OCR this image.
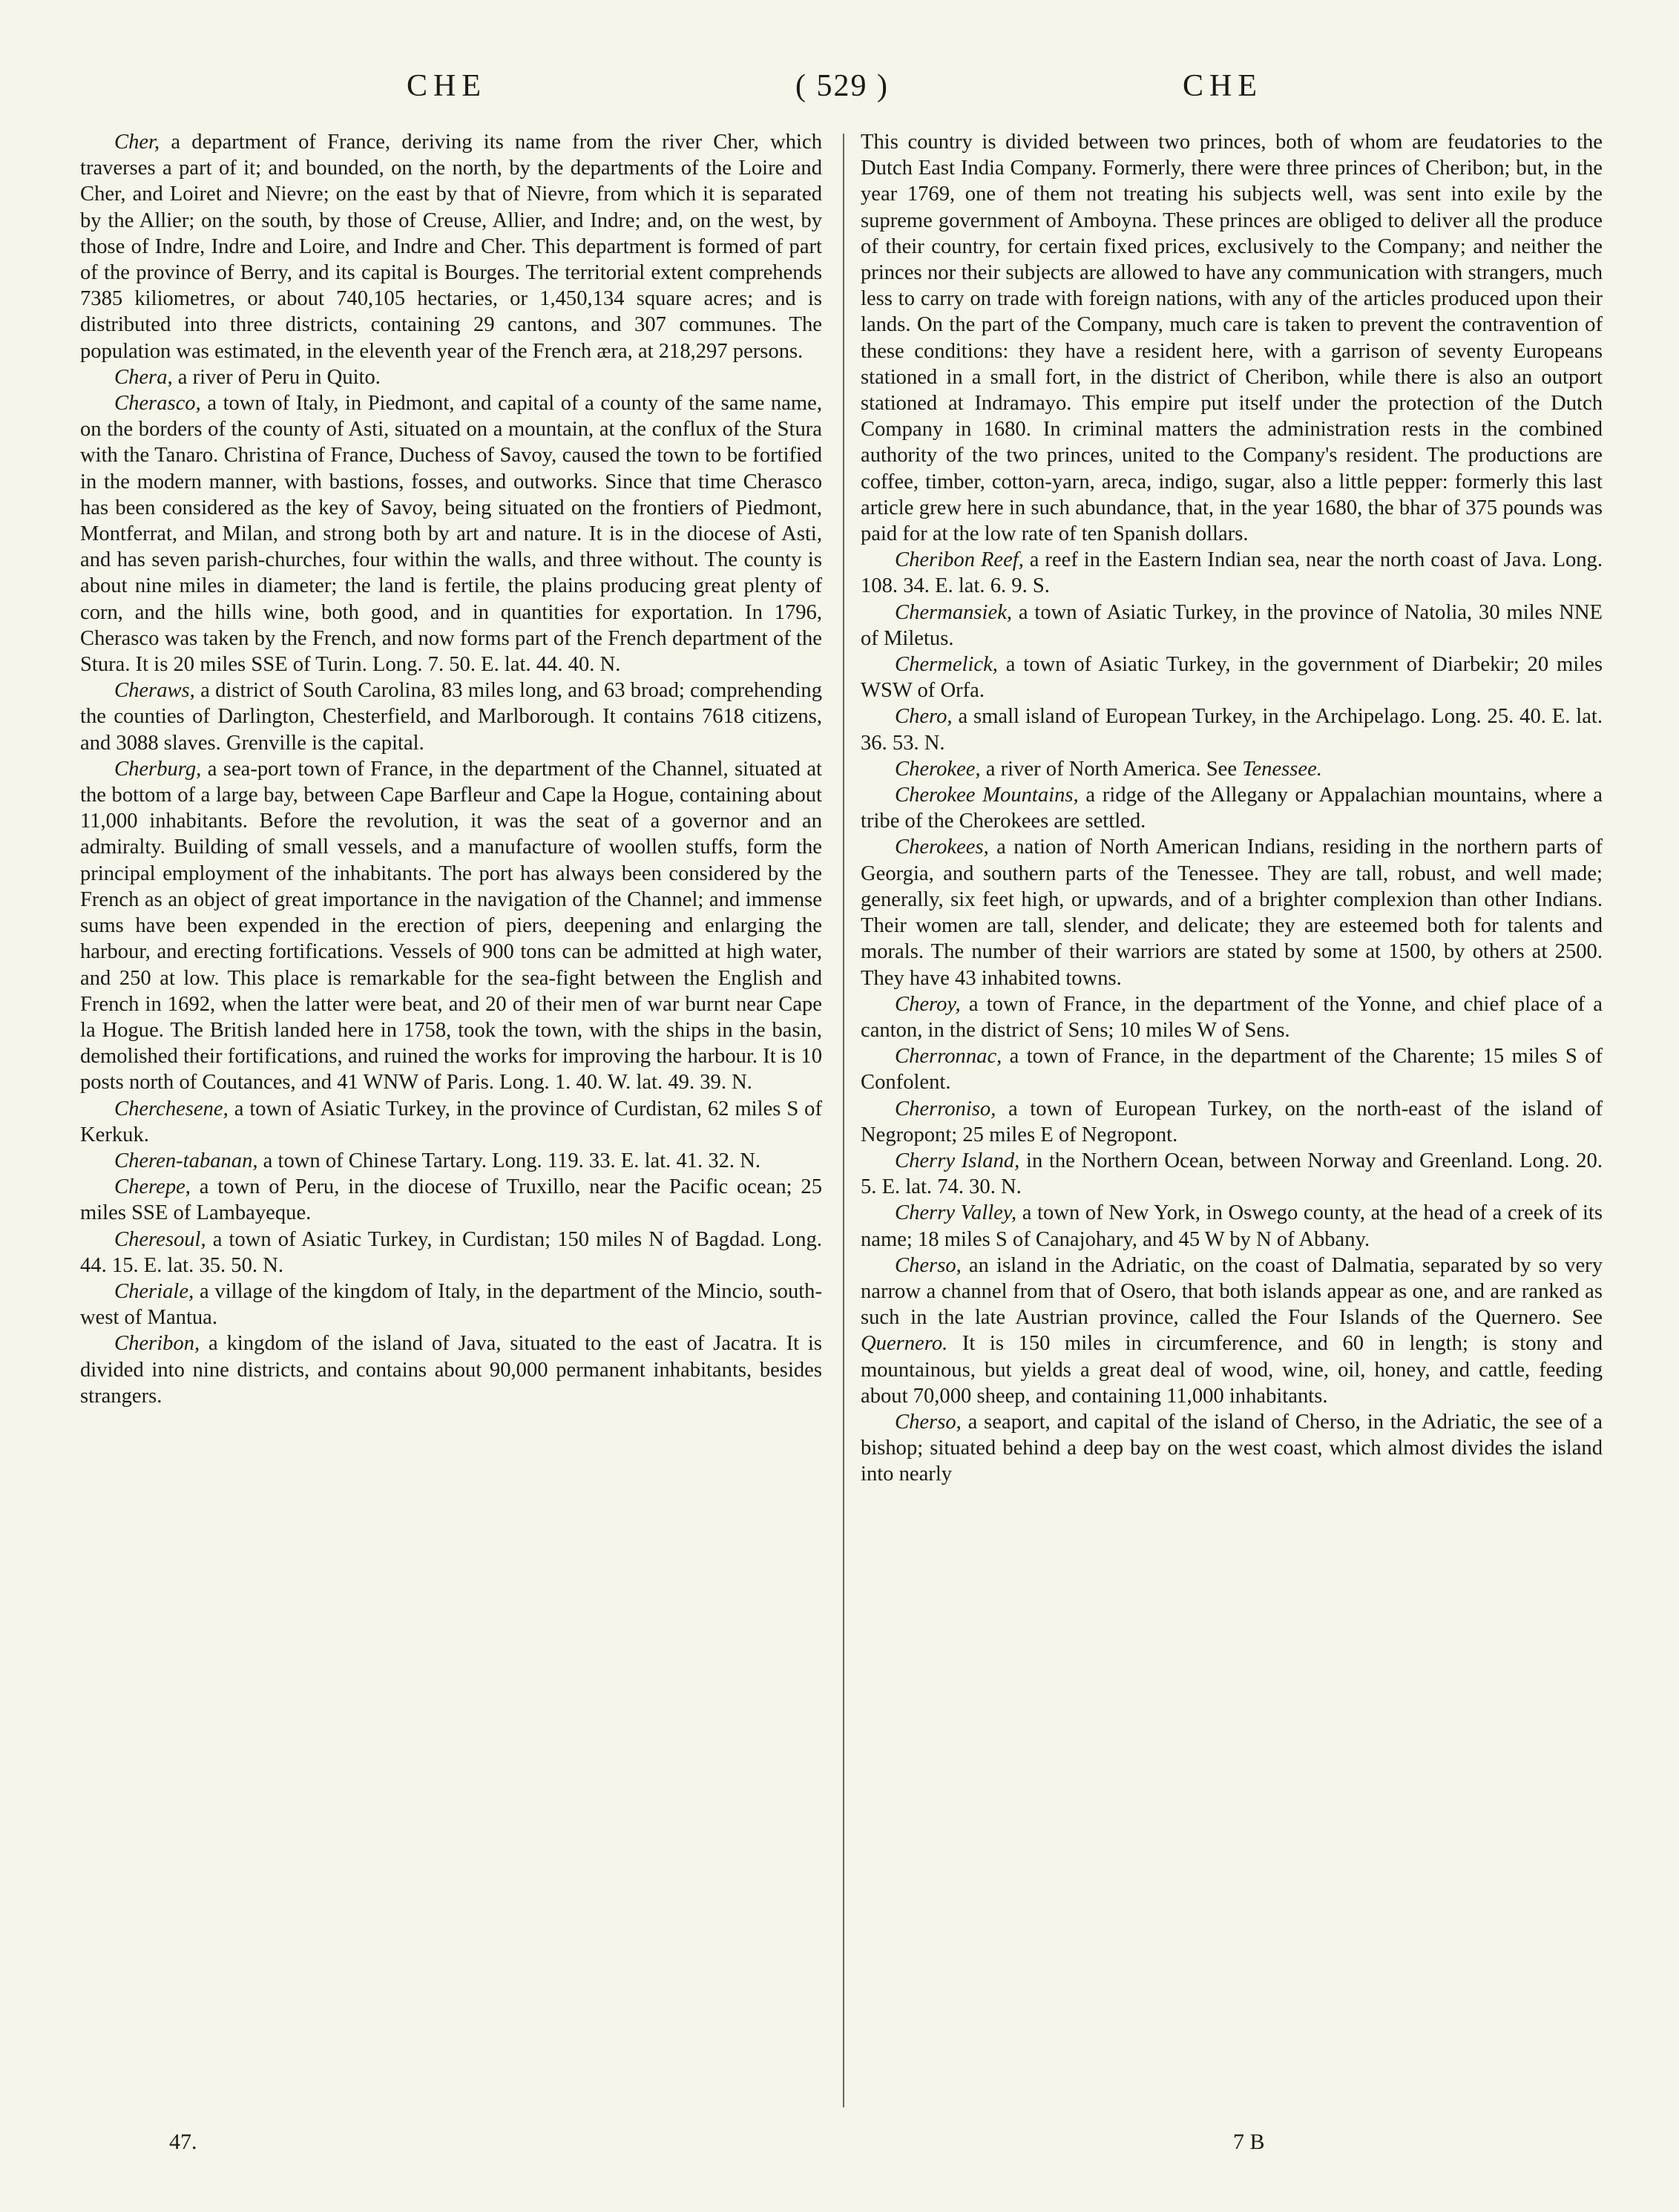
CHE	( 529 )	CHE

Cher, a department of France, deriving its name from the river Cher, which traverses a part of it; and bounded, on the north, by the departments of the Loire and Cher, and Loiret and Nievre; on the east by that of Nievre, from which it is separated by the Allier; on the south, by those of Creuse, Allier, and Indre; and, on the west, by those of Indre, Indre and Loire, and Indre and Cher. This department is formed of part of the province of Berry, and its capital is Bourges. The territorial extent comprehends 7385 kiliometres, or about 740,105 hectaries, or 1,450,134 square acres; and is distributed into three districts, containing 29 cantons, and 307 communes. The population was estimated, in the eleventh year of the French æra, at 218,297 persons.

Chera, a river of Peru in Quito.

Cherasco, a town of Italy, in Piedmont, and capital of a county of the same name, on the borders of the county of Asti, situated on a mountain, at the conflux of the Stura with the Tanaro. Christina of France, Duchess of Savoy, caused the town to be fortified in the modern manner, with bastions, fosses, and outworks. Since that time Cherasco has been considered as the key of Savoy, being situated on the frontiers of Piedmont, Montferrat, and Milan, and strong both by art and nature. It is in the diocese of Asti, and has seven parish-churches, four within the walls, and three without. The county is about nine miles in diameter; the land is fertile, the plains producing great plenty of corn, and the hills wine, both good, and in quantities for exportation. In 1796, Cherasco was taken by the French, and now forms part of the French department of the Stura. It is 20 miles SSE of Turin. Long. 7. 50. E. lat. 44. 40. N.

Cheraws, a district of South Carolina, 83 miles long, and 63 broad; comprehending the counties of Darlington, Chesterfield, and Marlborough. It contains 7618 citizens, and 3088 slaves. Grenville is the capital.

Cherburg, a sea-port town of France, in the department of the Channel, situated at the bottom of a large bay, between Cape Barfleur and Cape la Hogue, containing about 11,000 inhabitants. Before the revolution, it was the seat of a governor and an admiralty. Building of small vessels, and a manufacture of woollen stuffs, form the principal employment of the inhabitants. The port has always been considered by the French as an object of great importance in the navigation of the Channel; and immense sums have been expended in the erection of piers, deepening and enlarging the harbour, and erecting fortifications. Vessels of 900 tons can be admitted at high water, and 250 at low. This place is remarkable for the sea-fight between the English and French in 1692, when the latter were beat, and 20 of their men of war burnt near Cape la Hogue. The British landed here in 1758, took the town, with the ships in the basin, demolished their fortifications, and ruined the works for improving the harbour. It is 10 posts north of Coutances, and 41 WNW of Paris. Long. 1. 40. W. lat. 49. 39. N.

Cherchesene, a town of Asiatic Turkey, in the province of Curdistan, 62 miles S of Kerkuk.

Cheren-tabanan, a town of Chinese Tartary. Long. 119. 33. E. lat. 41. 32. N.

Cherepe, a town of Peru, in the diocese of Truxillo, near the Pacific ocean; 25 miles SSE of Lambayeque.

Cheresoul, a town of Asiatic Turkey, in Curdistan; 150 miles N of Bagdad. Long. 44. 15. E. lat. 35. 50. N.

Cheriale, a village of the kingdom of Italy, in the department of the Mincio, south-west of Mantua.

Cheribon, a kingdom of the island of Java, situated to the east of Jacatra. It is divided into nine districts, and contains about 90,000 permanent inhabitants, besides strangers.

This country is divided between two princes, both of whom are feudatories to the Dutch East India Company. Formerly, there were three princes of Cheribon; but, in the year 1769, one of them not treating his subjects well, was sent into exile by the supreme government of Amboyna. These princes are obliged to deliver all the produce of their country, for certain fixed prices, exclusively to the Company; and neither the princes nor their subjects are allowed to have any communication with strangers, much less to carry on trade with foreign nations, with any of the articles produced upon their lands. On the part of the Company, much care is taken to prevent the contravention of these conditions: they have a resident here, with a garrison of seventy Europeans stationed in a small fort, in the district of Cheribon, while there is also an outport stationed at Indramayo. This empire put itself under the protection of the Dutch Company in 1680. In criminal matters the administration rests in the combined authority of the two princes, united to the Company's resident. The productions are coffee, timber, cotton-yarn, areca, indigo, sugar, also a little pepper: formerly this last article grew here in such abundance, that, in the year 1680, the bhar of 375 pounds was paid for at the low rate of ten Spanish dollars.

Cheribon Reef, a reef in the Eastern Indian sea, near the north coast of Java. Long. 108. 34. E. lat. 6. 9. S.

Chermansiek, a town of Asiatic Turkey, in the province of Natolia, 30 miles NNE of Miletus.

Chermelick, a town of Asiatic Turkey, in the government of Diarbekir; 20 miles WSW of Orfa.

Chero, a small island of European Turkey, in the Archipelago. Long. 25. 40. E. lat. 36. 53. N.

Cherokee, a river of North America. See Tenessee.

Cherokee Mountains, a ridge of the Allegany or Appalachian mountains, where a tribe of the Cherokees are settled.

Cherokees, a nation of North American Indians, residing in the northern parts of Georgia, and southern parts of the Tenessee. They are tall, robust, and well made; generally, six feet high, or upwards, and of a brighter complexion than other Indians. Their women are tall, slender, and delicate; they are esteemed both for talents and morals. The number of their warriors are stated by some at 1500, by others at 2500. They have 43 inhabited towns.

Cheroy, a town of France, in the department of the Yonne, and chief place of a canton, in the district of Sens; 10 miles W of Sens.

Cherronnac, a town of France, in the department of the Charente; 15 miles S of Confolent.

Cherroniso, a town of European Turkey, on the north-east of the island of Negropont; 25 miles E of Negropont.

Cherry Island, in the Northern Ocean, between Norway and Greenland. Long. 20. 5. E. lat. 74. 30. N.

Cherry Valley, a town of New York, in Oswego county, at the head of a creek of its name; 18 miles S of Canajohary, and 45 W by N of Abbany.

Cherso, an island in the Adriatic, on the coast of Dalmatia, separated by so very narrow a channel from that of Osero, that both islands appear as one, and are ranked as such in the late Austrian province, called the Four Islands of the Quernero. See Quernero. It is 150 miles in circumference, and 60 in length; is stony and mountainous, but yields a great deal of wood, wine, oil, honey, and cattle, feeding about 70,000 sheep, and containing 11,000 inhabitants.

Cherso, a seaport, and capital of the island of Cherso, in the Adriatic, the see of a bishop; situated behind a deep bay on the west coast, which almost divides the island into nearly

47.	7 B
